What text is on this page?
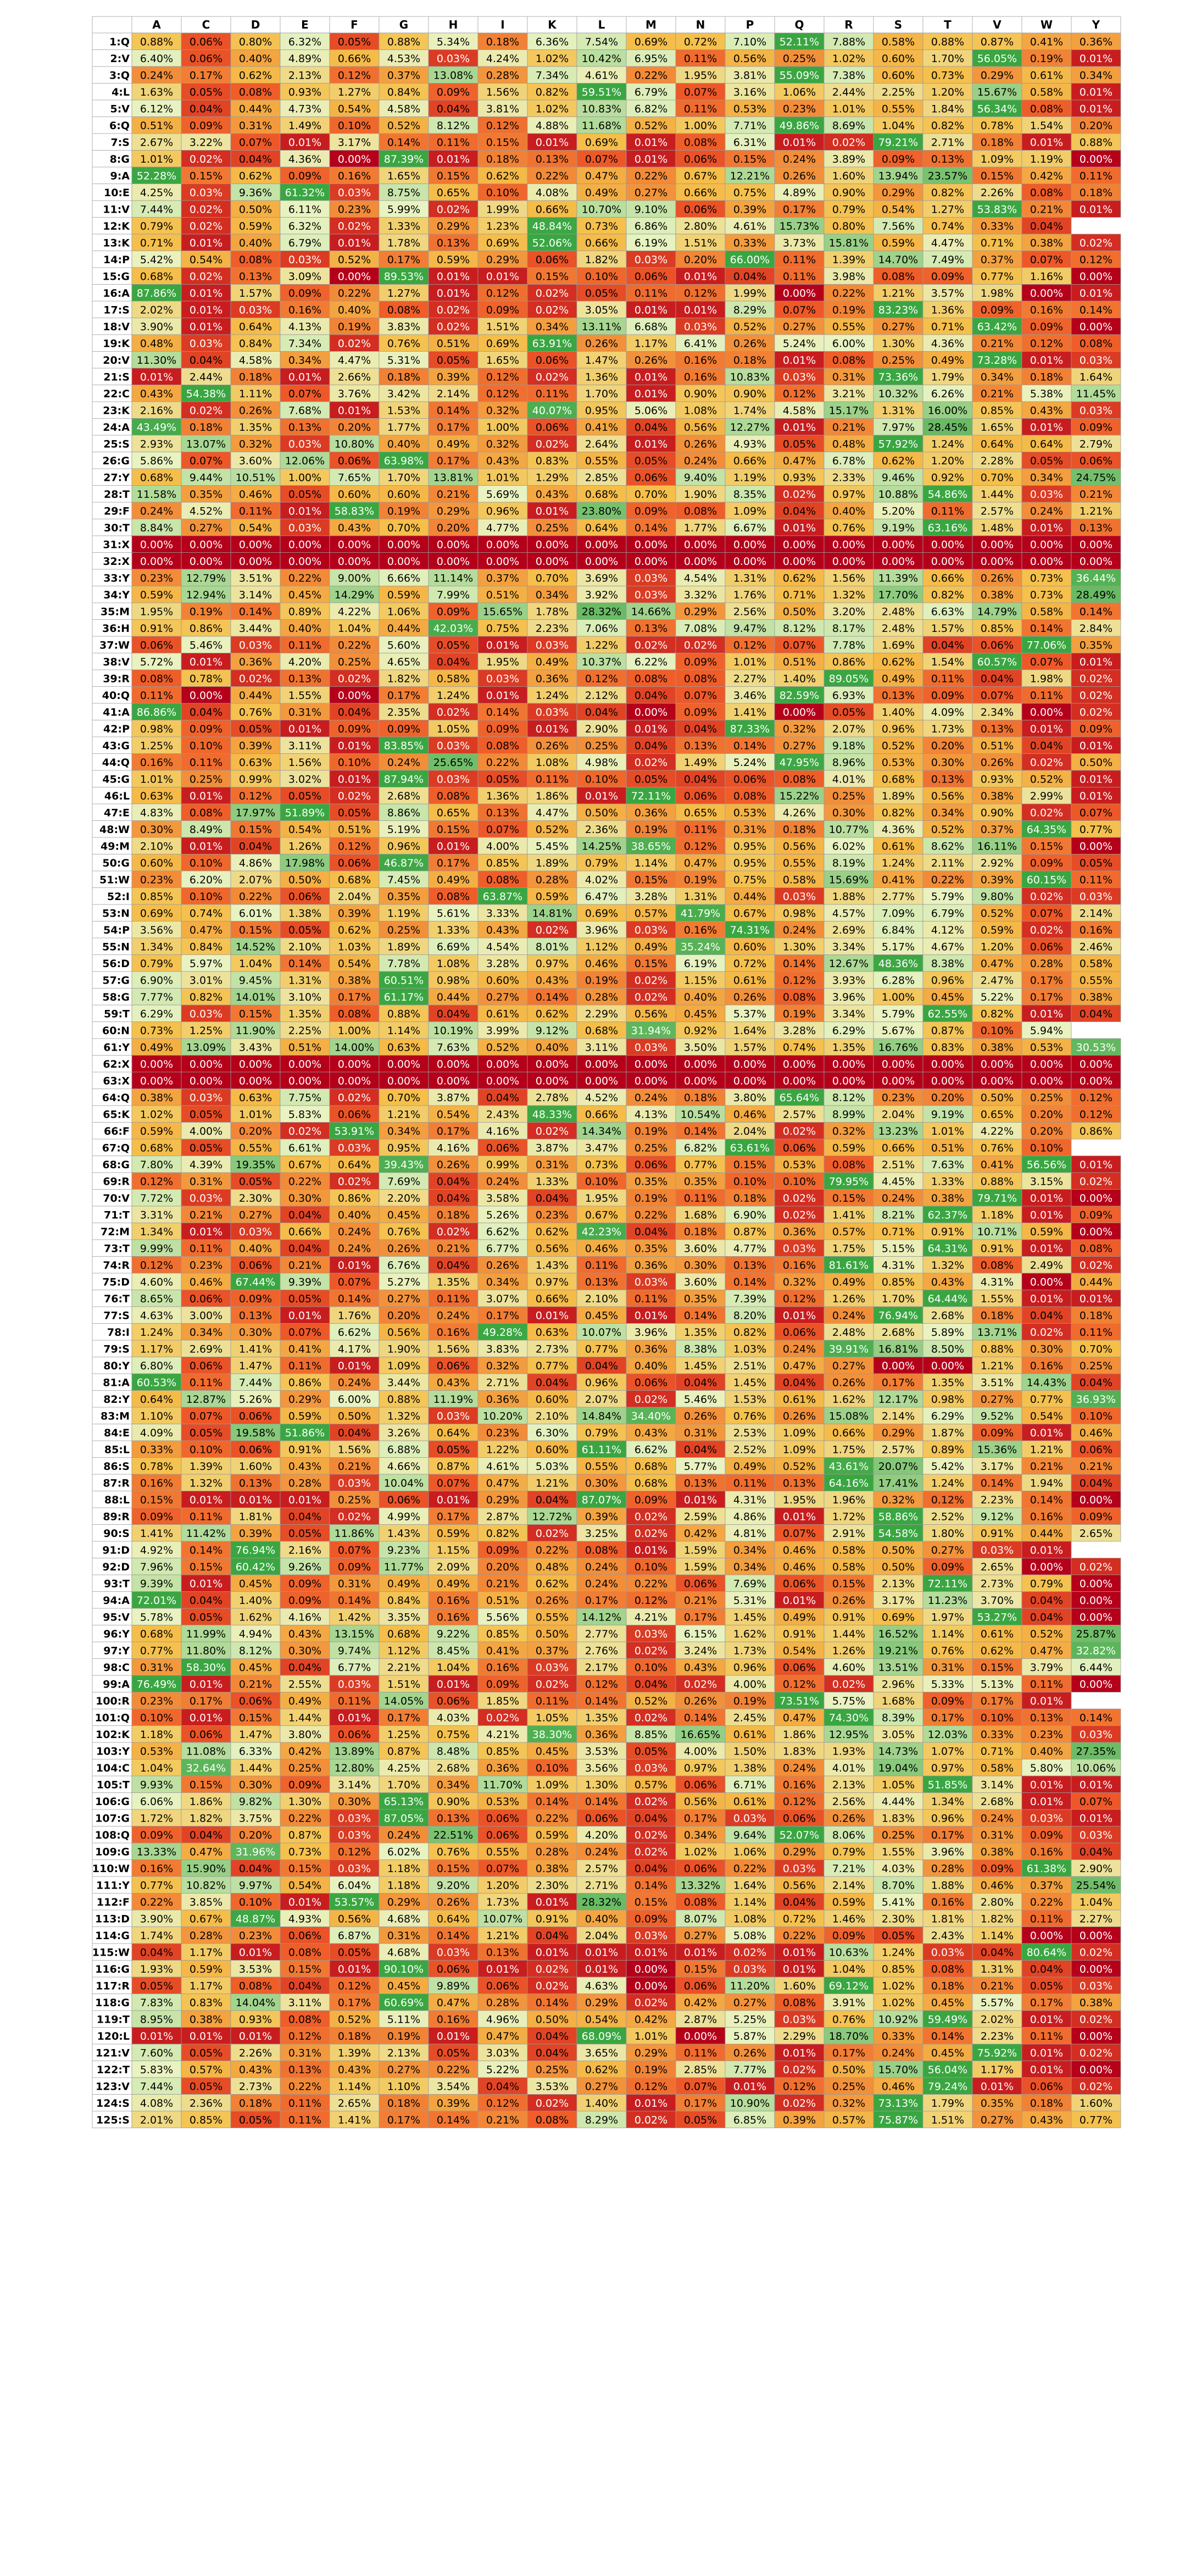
A	C	D	E	F	G	H	I	K	L	M	N	P	Q	R	S	T	V	W	Y
1:Q 0.88% 0.06% 0.80% 6.32% 0.05% 0.88% 5.34% 0.18% 6.36% 7.54% 0.69% 0.72% 7.10% 52.11% 7.88% 0.58% 0.88% 0.87% 0.41% 0.36%
2:V 6.40% 0.06% 0.40% 4.89% 0.66% 4.53% 0.03% 4.24% 1.02% 10.42% 6.95% 0.11% 0.56% 0.25% 1.02% 0.60% 1.70% 56.05% 0.19% 0.01%
3:Q 0.24% 0.17% 0.62% 2.13% 0.12% 0.37% 13.08% 0.28% 7.34% 4.61% 0.22% 1.95% 3.81% 55.09% 7.38% 0.60% 0.73% 0.29% 0.61% 0.34%
4:L 1.63% 0.05% 0.08% 0.93% 1.27% 0.84% 0.09% 1.56% 0.82% 59.51% 6.79% 0.07% 3.16% 1.06% 2.44% 2.25% 1.20% 15.67% 0.58% 0.01%
5:V 6.12% 0.04% 0.44% 4.73% 0.54% 4.58% 0.04% 3.81% 1.02% 10.83% 6.82% 0.11% 0.53% 0.23% 1.01% 0.55% 1.84% 56.34% 0.08% 0.01%
6:Q 0.51% 0.09% 0.31% 1.49% 0.10% 0.52% 8.12% 0.12% 4.88% 11.68% 0.52% 1.00% 7.71% 49.86% 8.69% 1.04% 0.82% 0.78% 1.54% 0.20%
7:S 2.67% 3.22% 0.07% 0.01% 3.17% 0.14% 0.11% 0.15% 0.01% 0.69% 0.01% 0.08% 6.31% 0.01% 0.02% 79.21% 2.71% 0.18% 0.01% 0.88%
8:G 1.01% 0.02% 0.04% 4.36% 0.00% 87.39% 0.01% 0.18% 0.13% 0.07% 0.01% 0.06% 0.15% 0.24% 3.89% 0.09% 0.13% 1.09% 1.19% 0.00%
9:A 52.28% 0.15% 0.62% 0.09% 0.16% 1.65% 0.15% 0.62% 0.22% 0.47% 0.22% 0.67% 12.21% 0.26% 1.60% 13.94% 23.57% 0.15% 0.42% 0.11%
10:E 4.25% 0.03% 9.36% 61.32% 0.03% 8.75% 0.65% 0.10% 4.08% 0.49% 0.27% 0.66% 0.75% 4.89% 0.90% 0.29% 0.82% 2.26% 0.08% 0.18%
11:V 7.44% 0.02% 0.50% 6.11% 0.23% 5.99% 0.02% 1.99% 0.66% 10.70% 9.10% 0.06% 0.39% 0.17% 0.79% 0.54% 1.27% 53.83% 0.21% 0.01%
12:K 0.79% 0.02% 0.59% 6.32% 0.02% 1.33% 0.29% 1.23% 48.84% 0.73% 6.86% 2.80% 4.61% 15.73% 0.80% 7.56% 0.74% 0.33% 0.04%
13:K 0.71% 0.01% 0.40% 6.79% 0.01% 1.78% 0.13% 0.69% 52.06% 0.66% 6.19% 1.51% 0.33% 3.73% 15.81% 0.59% 4.47% 0.71% 0.38% 0.02%
14:P 5.42% 0.54% 0.08% 0.03% 0.52% 0.17% 0.59% 0.29% 0.06% 1.82% 0.03% 0.20% 66.00% 0.11% 1.39% 14.70% 7.49% 0.37% 0.07% 0.12%
15:G 0.68% 0.02% 0.13% 3.09% 0.00% 89.53% 0.01% 0.01% 0.15% 0.10% 0.06% 0.01% 0.04% 0.11% 3.98% 0.08% 0.09% 0.77% 1.16% 0.00%
16:A 87.86% 0.01% 1.57% 0.09% 0.22% 1.27% 0.01% 0.12% 0.02% 0.05% 0.11% 0.12% 1.99% 0.00% 0.22% 1.21% 3.57% 1.98% 0.00% 0.01%
17:S 2.02% 0.01% 0.03% 0.16% 0.40% 0.08% 0.02% 0.09% 0.02% 3.05% 0.01% 0.01% 8.29% 0.07% 0.19% 83.23% 1.36% 0.09% 0.16% 0.14%
18:V 3.90% 0.01% 0.64% 4.13% 0.19% 3.83% 0.02% 1.51% 0.34% 13.11% 6.68% 0.03% 0.52% 0.27% 0.55% 0.27% 0.71% 63.42% 0.09% 0.00%
19:K 0.48% 0.03% 0.84% 7.34% 0.02% 0.76% 0.51% 0.69% 63.91% 0.26% 1.17% 6.41% 0.26% 5.24% 6.00% 1.30% 4.36% 0.21% 0.12% 0.08%
20:V 11.30% 0.04% 4.58% 0.34% 4.47% 5.31% 0.05% 1.65% 0.06% 1.47% 0.26% 0.16% 0.18% 0.01% 0.08% 0.25% 0.49% 73.28% 0.01% 0.03%
21:S 0.01% 2.44% 0.18% 0.01% 2.66% 0.18% 0.39% 0.12% 0.02% 1.36% 0.01% 0.16% 10.83% 0.03% 0.31% 73.36% 1.79% 0.34% 0.18% 1.64%
22:C 0.43% 54.38% 1.11% 0.07% 3.76% 3.42% 2.14% 0.12% 0.11% 1.70% 0.01% 0.90% 0.90% 0.12% 3.21% 10.32% 6.26% 0.21% 5.38% 11.45%
23:K 2.16% 0.02% 0.26% 7.68% 0.01% 1.53% 0.14% 0.32% 40.07% 0.95% 5.06% 1.08% 1.74% 4.58% 15.17% 1.31% 16.00% 0.85% 0.43% 0.03%
24:A 43.49% 0.18% 1.35% 0.13% 0.20% 1.77% 0.17% 1.00% 0.06% 0.41% 0.04% 0.56% 12.27% 0.01% 0.21% 7.97% 28.45% 1.65% 0.01% 0.09%
25:S 2.93% 13.07% 0.32% 0.03% 10.80% 0.40% 0.49% 0.32% 0.02% 2.64% 0.01% 0.26% 4.93% 0.05% 0.48% 57.92% 1.24% 0.64% 0.64% 2.79%
26:G 5.86% 0.07% 3.60% 12.06% 0.06% 63.98% 0.17% 0.43% 0.83% 0.55% 0.05% 0.24% 0.66% 0.47% 6.78% 0.62% 1.20% 2.28% 0.05% 0.06%
27:Y 0.68% 9.44% 10.51% 1.00% 7.65% 1.70% 13.81% 1.01% 1.29% 2.85% 0.06% 9.40% 1.19% 0.93% 2.33% 9.46% 0.92% 0.70% 0.34% 24.75%
28:T 11.58% 0.35% 0.46% 0.05% 0.60% 0.60% 0.21% 5.69% 0.43% 0.68% 0.70% 1.90% 8.35% 0.02% 0.97% 10.88% 54.86% 1.44% 0.03% 0.21%
29:F 0.24% 4.52% 0.11% 0.01% 58.83% 0.19% 0.29% 0.96% 0.01% 23.80% 0.09% 0.08% 1.09% 0.04% 0.40% 5.20% 0.11% 2.57% 0.24% 1.21%
30:T 8.84% 0.27% 0.54% 0.03% 0.43% 0.70% 0.20% 4.77% 0.25% 0.64% 0.14% 1.77% 6.67% 0.01% 0.76% 9.19% 63.16% 1.48% 0.01% 0.13%
31:X 0.00% 0.00% 0.00% 0.00% 0.00% 0.00% 0.00% 0.00% 0.00% 0.00% 0.00% 0.00% 0.00% 0.00% 0.00% 0.00% 0.00% 0.00% 0.00% 0.00%
32:X 0.00% 0.00% 0.00% 0.00% 0.00% 0.00% 0.00% 0.00% 0.00% 0.00% 0.00% 0.00% 0.00% 0.00% 0.00% 0.00% 0.00% 0.00% 0.00% 0.00%
33:Y 0.23% 12.79% 3.51% 0.22% 9.00% 6.66% 11.14% 0.37% 0.70% 3.69% 0.03% 4.54% 1.31% 0.62% 1.56% 11.39% 0.66% 0.26% 0.73% 36.44%
34:Y 0.59% 12.94% 3.14% 0.45% 14.29% 0.59% 7.99% 0.51% 0.34% 3.92% 0.03% 3.32% 1.76% 0.71% 1.32% 17.70% 0.82% 0.38% 0.73% 28.49%
35:M 1.95% 0.19% 0.14% 0.89% 4.22% 1.06% 0.09% 15.65% 1.78% 28.32% 14.66% 0.29% 2.56% 0.50% 3.20% 2.48% 6.63% 14.79% 0.58% 0.14%
36:H 0.91% 0.86% 3.44% 0.40% 1.04% 0.44% 42.03% 0.75% 2.23% 7.06% 0.13% 7.08% 9.47% 8.12% 8.17% 2.48% 1.57% 0.85% 0.14% 2.84%
37:W 0.06% 5.46% 0.03% 0.11% 0.22% 5.60% 0.05% 0.01% 0.03% 1.22% 0.02% 0.02% 0.12% 0.07% 7.78% 1.69% 0.04% 0.06% 77.06% 0.35%
38:V 5.72% 0.01% 0.36% 4.20% 0.25% 4.65% 0.04% 1.95% 0.49% 10.37% 6.22% 0.09% 1.01% 0.51% 0.86% 0.62% 1.54% 60.57% 0.07% 0.01%
39:R 0.08% 0.78% 0.02% 0.13% 0.02% 1.82% 0.58% 0.03% 0.36% 0.12% 0.08% 0.08% 2.27% 1.40% 89.05% 0.49% 0.11% 0.04% 1.98% 0.02%
40:Q 0.11% 0.00% 0.44% 1.55% 0.00% 0.17% 1.24% 0.01% 1.24% 2.12% 0.04% 0.07% 3.46% 82.59% 6.93% 0.13% 0.09% 0.07% 0.11% 0.02%
41:A 86.86% 0.04% 0.76% 0.31% 0.04% 2.35% 0.02% 0.14% 0.03% 0.04% 0.00% 0.09% 1.41% 0.00% 0.05% 1.40% 4.09% 2.34% 0.00% 0.02%
42:P 0.98% 0.09% 0.05% 0.01% 0.09% 0.09% 1.05% 0.09% 0.01% 2.90% 0.01% 0.04% 87.33% 0.32% 2.07% 0.96% 1.73% 0.13% 0.01% 0.09%
43:G 1.25% 0.10% 0.39% 3.11% 0.01% 83.85% 0.03% 0.08% 0.26% 0.25% 0.04% 0.13% 0.14% 0.27% 9.18% 0.52% 0.20% 0.51% 0.04% 0.01%
44:Q 0.16% 0.11% 0.63% 1.56% 0.10% 0.24% 25.65% 0.22% 1.08% 4.98% 0.02% 1.49% 5.24% 47.95% 8.96% 0.53% 0.30% 0.26% 0.02% 0.50%
45:G 1.01% 0.25% 0.99% 3.02% 0.01% 87.94% 0.03% 0.05% 0.11% 0.10% 0.05% 0.04% 0.06% 0.08% 4.01% 0.68% 0.13% 0.93% 0.52% 0.01%
46:L 0.63% 0.01% 0.12% 0.05% 0.02% 2.68% 0.08% 1.36% 1.86% 0.01% 72.11% 0.06% 0.08% 15.22% 0.25% 1.89% 0.56% 0.38% 2.99% 0.01%
47:E 4.83% 0.08% 17.97% 51.89% 0.05% 8.86% 0.65% 0.13% 4.47% 0.50% 0.36% 0.65% 0.53% 4.26% 0.30% 0.82% 0.34% 0.90% 0.02% 0.07%
48:W 0.30% 8.49% 0.15% 0.54% 0.51% 5.19% 0.15% 0.07% 0.52% 2.36% 0.19% 0.11% 0.31% 0.18% 10.77% 4.36% 0.52% 0.37% 64.35% 0.77%
49:M 2.10% 0.01% 0.04% 1.26% 0.12% 0.96% 0.01% 4.00% 5.45% 14.25% 38.65% 0.12% 0.95% 0.56% 6.02% 0.61% 8.62% 16.11% 0.15% 0.00%
50:G 0.60% 0.10% 4.86% 17.98% 0.06% 46.87% 0.17% 0.85% 1.89% 0.79% 1.14% 0.47% 0.95% 0.55% 8.19% 1.24% 2.11% 2.92% 0.09% 0.05%
51:W 0.23% 6.20% 2.07% 0.50% 0.68% 7.45% 0.49% 0.08% 0.28% 4.02% 0.15% 0.19% 0.75% 0.58% 15.69% 0.41% 0.22% 0.39% 60.15% 0.11%
52:I 0.85% 0.10% 0.22% 0.06% 2.04% 0.35% 0.08% 63.87% 0.59% 6.47% 3.28% 1.31% 0.44% 0.03% 1.88% 2.77% 5.79% 9.80% 0.02% 0.03%
53:N 0.69% 0.74% 6.01% 1.38% 0.39% 1.19% 5.61% 3.33% 14.81% 0.69% 0.57% 41.79% 0.67% 0.98% 4.57% 7.09% 6.79% 0.52% 0.07% 2.14%
54:P 3.56% 0.47% 0.15% 0.05% 0.62% 0.25% 1.33% 0.43% 0.02% 3.96% 0.03% 0.16% 74.31% 0.24% 2.69% 6.84% 4.12% 0.59% 0.02% 0.16%
55:N 1.34% 0.84% 14.52% 2.10% 1.03% 1.89% 6.69% 4.54% 8.01% 1.12% 0.49% 35.24% 0.60% 1.30% 3.34% 5.17% 4.67% 1.20% 0.06% 2.46%
56:D 0.79% 5.97% 1.04% 0.14% 0.54% 7.78% 1.08% 3.28% 0.97% 0.46% 0.15% 6.19% 0.72% 0.14% 12.67% 48.36% 8.38% 0.47% 0.28% 0.58%
57:G 6.90% 3.01% 9.45% 1.31% 0.38% 60.51% 0.98% 0.60% 0.43% 0.19% 0.02% 1.15% 0.61% 0.12% 3.93% 6.28% 0.96% 2.47% 0.17% 0.55%
58:G 7.77% 0.82% 14.01% 3.10% 0.17% 61.17% 0.44% 0.27% 0.14% 0.28% 0.02% 0.40% 0.26% 0.08% 3.96% 1.00% 0.45% 5.22% 0.17% 0.38%
59:T 6.29% 0.03% 0.15% 1.35% 0.08% 0.88% 0.04% 0.61% 0.62% 2.29% 0.56% 0.45% 5.37% 0.19% 3.34% 5.79% 62.55% 0.82% 0.01% 0.04%
60:N 0.73% 1.25% 11.90% 2.25% 1.00% 1.14% 10.19% 3.99% 9.12% 0.68% 31.94% 0.92% 1.64% 3.28% 6.29% 5.67% 0.87% 0.10% 5.94%
61:Y 0.49% 13.09% 3.43% 0.51% 14.00% 0.63% 7.63% 0.52% 0.40% 3.11% 0.03% 3.50% 1.57% 0.74% 1.35% 16.76% 0.83% 0.38% 0.53% 30.53%
62:X 0.00% 0.00% 0.00% 0.00% 0.00% 0.00% 0.00% 0.00% 0.00% 0.00% 0.00% 0.00% 0.00% 0.00% 0.00% 0.00% 0.00% 0.00% 0.00% 0.00%
63:X 0.00% 0.00% 0.00% 0.00% 0.00% 0.00% 0.00% 0.00% 0.00% 0.00% 0.00% 0.00% 0.00% 0.00% 0.00% 0.00% 0.00% 0.00% 0.00% 0.00%
64:Q 0.38% 0.03% 0.63% 7.75% 0.02% 0.70% 3.87% 0.04% 2.78% 4.52% 0.24% 0.18% 3.80% 65.64% 8.12% 0.23% 0.20% 0.50% 0.25% 0.12%
65:K 1.02% 0.05% 1.01% 5.83% 0.06% 1.21% 0.54% 2.43% 48.33% 0.66% 4.13% 10.54% 0.46% 2.57% 8.99% 2.04% 9.19% 0.65% 0.20% 0.12%
66:F 0.59% 4.00% 0.20% 0.02% 53.91% 0.34% 0.17% 4.16% 0.02% 14.34% 0.19% 0.14% 2.04% 0.02% 0.32% 13.23% 1.01% 4.22% 0.20% 0.86%
67:Q 0.68% 0.05% 0.55% 6.61% 0.03% 0.95% 4.16% 0.06% 3.87% 3.47% 0.25% 6.82% 63.61% 0.06% 0.59% 0.66% 0.51% 0.76% 0.10%
68:G 7.80% 4.39% 19.35% 0.67% 0.64% 39.43% 0.26% 0.99% 0.31% 0.73% 0.06% 0.77% 0.15% 0.53% 0.08% 2.51% 7.63% 0.41% 56.56% 0.01%
69:R 0.12% 0.31% 0.05% 0.22% 0.02% 7.69% 0.04% 0.24% 1.33% 0.10% 0.35% 0.35% 0.10% 0.10% 79.95% 4.45% 1.33% 0.88% 3.15% 0.02%
70:V 7.72% 0.03% 2.30% 0.30% 0.86% 2.20% 0.04% 3.58% 0.04% 1.95% 0.19% 0.11% 0.18% 0.02% 0.15% 0.24% 0.38% 79.71% 0.01% 0.00%
71:T 3.31% 0.21% 0.27% 0.04% 0.40% 0.45% 0.18% 5.26% 0.23% 0.67% 0.22% 1.68% 6.90% 0.02% 1.41% 8.21% 62.37% 1.18% 0.01% 0.09%
72:M 1.34% 0.01% 0.03% 0.66% 0.24% 0.76% 0.02% 6.62% 0.62% 42.23% 0.04% 0.18% 0.87% 0.36% 0.57% 0.71% 0.91% 10.71% 0.59% 0.00%
73:T 9.99% 0.11% 0.40% 0.04% 0.24% 0.26% 0.21% 6.77% 0.56% 0.46% 0.35% 3.60% 4.77% 0.03% 1.75% 5.15% 64.31% 0.91% 0.01% 0.08%
74:R 0.12% 0.23% 0.06% 0.21% 0.01% 6.76% 0.04% 0.26% 1.43% 0.11% 0.36% 0.30% 0.13% 0.16% 81.61% 4.31% 1.32% 0.08% 2.49% 0.02%
75:D 4.60% 0.46% 67.44% 9.39% 0.07% 5.27% 1.35% 0.34% 0.97% 0.13% 0.03% 3.60% 0.14% 0.32% 0.49% 0.85% 0.43% 4.31% 0.00% 0.44%
76:T 8.65% 0.06% 0.09% 0.05% 0.14% 0.27% 0.11% 3.07% 0.66% 2.10% 0.11% 0.35% 7.39% 0.12% 1.26% 1.70% 64.44% 1.55% 0.01% 0.01%
77:S 4.63% 3.00% 0.13% 0.01% 1.76% 0.20% 0.24% 0.17% 0.01% 0.45% 0.01% 0.14% 8.20% 0.01% 0.24% 76.94% 2.68% 0.18% 0.04% 0.18%
78:I 1.24% 0.34% 0.30% 0.07% 6.62% 0.56% 0.16% 49.28% 0.63% 10.07% 3.96% 1.35% 0.82% 0.06% 2.48% 2.68% 5.89% 13.71% 0.02% 0.11%
79:S 1.17% 2.69% 1.41% 0.41% 4.17% 1.90% 1.56% 3.83% 2.73% 0.77% 0.36% 8.38% 1.03% 0.24% 39.91% 16.81% 8.50% 0.88% 0.30% 0.70%
80:Y 6.80% 0.06% 1.47% 0.11% 0.01% 1.09% 0.06% 0.32% 0.77% 0.04% 0.40% 1.45% 2.51% 0.47% 0.27% 0.00% 0.00% 1.21% 0.16% 0.25%
81:A 60.53% 0.11% 7.44% 0.86% 0.24% 3.44% 0.43% 2.71% 0.04% 0.96% 0.06% 0.04% 1.45% 0.04% 0.26% 0.17% 1.35% 3.51% 14.43% 0.04%
82:Y 0.64% 12.87% 5.26% 0.29% 6.00% 0.88% 11.19% 0.36% 0.60% 2.07% 0.02% 5.46% 1.53% 0.61% 1.62% 12.17% 0.98% 0.27% 0.77% 36.93%
83:M 1.10% 0.07% 0.06% 0.59% 0.50% 1.32% 0.03% 10.20% 2.10% 14.84% 34.40% 0.26% 0.76% 0.26% 15.08% 2.14% 6.29% 9.52% 0.54% 0.10%
84:E 4.09% 0.05% 19.58% 51.86% 0.04% 3.26% 0.64% 0.23% 6.30% 0.79% 0.43% 0.31% 2.53% 1.09% 0.66% 0.29% 1.87% 0.09% 0.01% 0.46%
85:L 0.33% 0.10% 0.06% 0.91% 1.56% 6.88% 0.05% 1.22% 0.60% 61.11% 6.62% 0.04% 2.52% 1.09% 1.75% 2.57% 0.89% 15.36% 1.21% 0.06%
86:S 0.78% 1.39% 1.60% 0.43% 0.21% 4.66% 0.87% 4.61% 5.03% 0.55% 0.68% 5.77% 0.49% 0.52% 43.61% 20.07% 5.42% 3.17% 0.21% 0.21%
87:R 0.16% 1.32% 0.13% 0.28% 0.03% 10.04% 0.07% 0.47% 1.21% 0.30% 0.68% 0.13% 0.11% 0.13% 64.16% 17.41% 1.24% 0.14% 1.94% 0.04%
88:L 0.15% 0.01% 0.01% 0.01% 0.25% 0.06% 0.01% 0.29% 0.04% 87.07% 0.09% 0.01% 4.31% 1.95% 1.96% 0.32% 0.12% 2.23% 0.14% 0.00%
89:R 0.09% 0.11% 1.81% 0.04% 0.02% 4.99% 0.17% 2.87% 12.72% 0.39% 0.02% 2.59% 4.86% 0.01% 1.72% 58.86% 2.52% 9.12% 0.16% 0.09%
90:S 1.41% 11.42% 0.39% 0.05% 11.86% 1.43% 0.59% 0.82% 0.02% 3.25% 0.02% 0.42% 4.81% 0.07% 2.91% 54.58% 1.80% 0.91% 0.44% 2.65%
91:D 4.92% 0.14% 76.94% 2.16% 0.07% 9.23% 1.15% 0.09% 0.22% 0.08% 0.01% 1.59% 0.34% 0.46% 0.58% 0.50% 0.27% 0.03% 0.01%
92:D 7.96% 0.15% 60.42% 9.26% 0.09% 11.77% 2.09% 0.20% 0.48% 0.24% 0.10% 1.59% 0.34% 0.46% 0.58% 0.50% 0.09% 2.65% 0.00% 0.02%
93:T 9.39% 0.01% 0.45% 0.09% 0.31% 0.49% 0.49% 0.21% 0.62% 0.24% 0.22% 0.06% 7.69% 0.06% 0.15% 2.13% 72.11% 2.73% 0.79% 0.00%
94:A 72.01% 0.04% 1.40% 0.09% 0.14% 0.84% 0.16% 0.51% 0.26% 0.17% 0.12% 0.21% 5.31% 0.01% 0.26% 3.17% 11.23% 3.70% 0.04% 0.00%
95:V 5.78% 0.05% 1.62% 4.16% 1.42% 3.35% 0.16% 5.56% 0.55% 14.12% 4.21% 0.17% 1.45% 0.49% 0.91% 0.69% 1.97% 53.27% 0.04% 0.00%
96:Y 0.68% 11.99% 4.94% 0.43% 13.15% 0.68% 9.22% 0.85% 0.50% 2.77% 0.03% 6.15% 1.62% 0.91% 1.44% 16.52% 1.14% 0.61% 0.52% 25.87%
97:Y 0.77% 11.80% 8.12% 0.30% 9.74% 1.12% 8.45% 0.41% 0.37% 2.76% 0.02% 3.24% 1.73% 0.54% 1.26% 19.21% 0.76% 0.62% 0.47% 32.82%
98:C 0.31% 58.30% 0.45% 0.04% 6.77% 2.21% 1.04% 0.16% 0.03% 2.17% 0.10% 0.43% 0.96% 0.06% 4.60% 13.51% 0.31% 0.15% 3.79% 6.44%
99:A 76.49% 0.01% 0.21% 2.55% 0.03% 1.51% 0.01% 0.09% 0.02% 0.12% 0.04% 0.02% 4.00% 0.12% 0.02% 2.96% 5.33% 5.13% 0.11% 0.00%
100:R 0.23% 0.17% 0.06% 0.49% 0.11% 14.05% 0.06% 1.85% 0.11% 0.14% 0.52% 0.26% 0.19% 73.51% 5.75% 1.68% 0.09% 0.17% 0.01%
101:Q 0.10% 0.01% 0.15% 1.44% 0.01% 0.17% 4.03% 0.02% 1.05% 1.35% 0.02% 0.14% 2.45% 0.47% 74.30% 8.39% 0.17% 0.10% 0.13% 0.14%
102:K 1.18% 0.06% 1.47% 3.80% 0.06% 1.25% 0.75% 4.21% 38.30% 0.36% 8.85% 16.65% 0.61% 1.86% 12.95% 3.05% 12.03% 0.33% 0.23% 0.03%
103:Y 0.53% 11.08% 6.33% 0.42% 13.89% 0.87% 8.48% 0.85% 0.45% 3.53% 0.05% 4.00% 1.50% 1.83% 1.93% 14.73% 1.07% 0.71% 0.40% 27.35%
104:C 1.04% 32.64% 1.44% 0.25% 12.80% 4.25% 2.68% 0.36% 0.10% 3.56% 0.03% 0.97% 1.38% 0.24% 4.01% 19.04% 0.97% 0.58% 5.80% 10.06%
105:T 9.93% 0.15% 0.30% 0.09% 3.14% 1.70% 0.34% 11.70% 1.09% 1.30% 0.57% 0.06% 6.71% 0.16% 2.13% 1.05% 51.85% 3.14% 0.01% 0.01%
106:G 6.06% 1.86% 9.82% 1.30% 0.30% 65.13% 0.90% 0.53% 0.14% 0.14% 0.02% 0.56% 0.61% 0.12% 2.56% 4.44% 1.34% 2.68% 0.01% 0.07%
107:G 1.72% 1.82% 3.75% 0.22% 0.03% 87.05% 0.13% 0.06% 0.22% 0.06% 0.04% 0.17% 0.03% 0.06% 0.26% 1.83% 0.96% 0.24% 0.03% 0.01%
108:Q 0.09% 0.04% 0.20% 0.87% 0.03% 0.24% 22.51% 0.06% 0.59% 4.20% 0.02% 0.34% 9.64% 52.07% 8.06% 0.25% 0.17% 0.31% 0.09% 0.03%
109:G 13.33% 0.47% 31.96% 0.73% 0.12% 6.02% 0.76% 0.55% 0.28% 0.24% 0.02% 1.02% 1.06% 0.29% 0.79% 1.55% 3.96% 0.38% 0.16% 0.04%
110:W 0.16% 15.90% 0.04% 0.15% 0.03% 1.18% 0.15% 0.07% 0.38% 2.57% 0.04% 0.06% 0.22% 0.03% 7.21% 4.03% 0.28% 0.09% 61.38% 2.90%
111:Y 0.77% 10.82% 9.97% 0.54% 6.04% 1.18% 9.20% 1.20% 2.30% 2.71% 0.14% 13.32% 1.64% 0.56% 2.14% 8.70% 1.88% 0.46% 0.37% 25.54%
112:F 0.22% 3.85% 0.10% 0.01% 53.57% 0.29% 0.26% 1.73% 0.01% 28.32% 0.15% 0.08% 1.14% 0.04% 0.59% 5.41% 0.16% 2.80% 0.22% 1.04%
113:D 3.90% 0.67% 48.87% 4.93% 0.56% 4.68% 0.64% 10.07% 0.91% 0.40% 0.09% 8.07% 1.08% 0.72% 1.46% 2.30% 1.81% 1.82% 0.11% 2.27%
114:G 1.74% 0.28% 0.23% 0.06% 6.87% 0.31% 0.14% 1.21% 0.04% 2.04% 0.03% 0.27% 5.08% 0.22% 0.09% 0.05% 2.43% 1.14% 0.00% 0.00%
115:W 0.04% 1.17% 0.01% 0.08% 0.05% 4.68% 0.03% 0.13% 0.01% 0.01% 0.01% 0.01% 0.02% 0.01% 10.63% 1.24% 0.03% 0.04% 80.64% 0.02%
116:G 1.93% 0.59% 3.53% 0.15% 0.01% 90.10% 0.06% 0.01% 0.02% 0.01% 0.00% 0.15% 0.03% 0.01% 1.04% 0.85% 0.08% 1.31% 0.04% 0.00%
117:R 0.05% 1.17% 0.08% 0.04% 0.12% 0.45% 9.89% 0.06% 0.02% 4.63% 0.00% 0.06% 11.20% 1.60% 69.12% 1.02% 0.18% 0.21% 0.05% 0.03%
118:G 7.83% 0.83% 14.04% 3.11% 0.17% 60.69% 0.47% 0.28% 0.14% 0.29% 0.02% 0.42% 0.27% 0.08% 3.91% 1.02% 0.45% 5.57% 0.17% 0.38%
119:T 8.95% 0.38% 0.93% 0.08% 0.52% 5.11% 0.16% 4.96% 0.50% 0.54% 0.42% 2.87% 5.25% 0.03% 0.76% 10.92% 59.49% 2.02% 0.01% 0.02%
120:L 0.01% 0.01% 0.01% 0.12% 0.18% 0.19% 0.01% 0.47% 0.04% 68.09% 1.01% 0.00% 5.87% 2.29% 18.70% 0.33% 0.14% 2.23% 0.11% 0.00%
121:V 7.60% 0.05% 2.26% 0.31% 1.39% 2.13% 0.05% 3.03% 0.04% 3.65% 0.29% 0.11% 0.26% 0.01% 0.17% 0.24% 0.45% 75.92% 0.01% 0.02%
122:T 5.83% 0.57% 0.43% 0.13% 0.43% 0.27% 0.22% 5.22% 0.25% 0.62% 0.19% 2.85% 7.77% 0.02% 0.50% 15.70% 56.04% 1.17% 0.01% 0.00%
123:V 7.44% 0.05% 2.73% 0.22% 1.14% 1.10% 3.54% 0.04% 3.53% 0.27% 0.12% 0.07% 0.01% 0.12% 0.25% 0.46% 79.24% 0.01% 0.06% 0.02%
124:S 4.08% 2.36% 0.18% 0.11% 2.65% 0.18% 0.39% 0.12% 0.02% 1.40% 0.01% 0.17% 10.90% 0.02% 0.32% 73.13% 1.79% 0.35% 0.18% 1.60%
125:S 2.01% 0.85% 0.05% 0.11% 1.41% 0.17% 0.14% 0.21% 0.08% 8.29% 0.02% 0.05% 6.85% 0.39% 0.57% 75.87% 1.51% 0.27% 0.43% 0.77%
